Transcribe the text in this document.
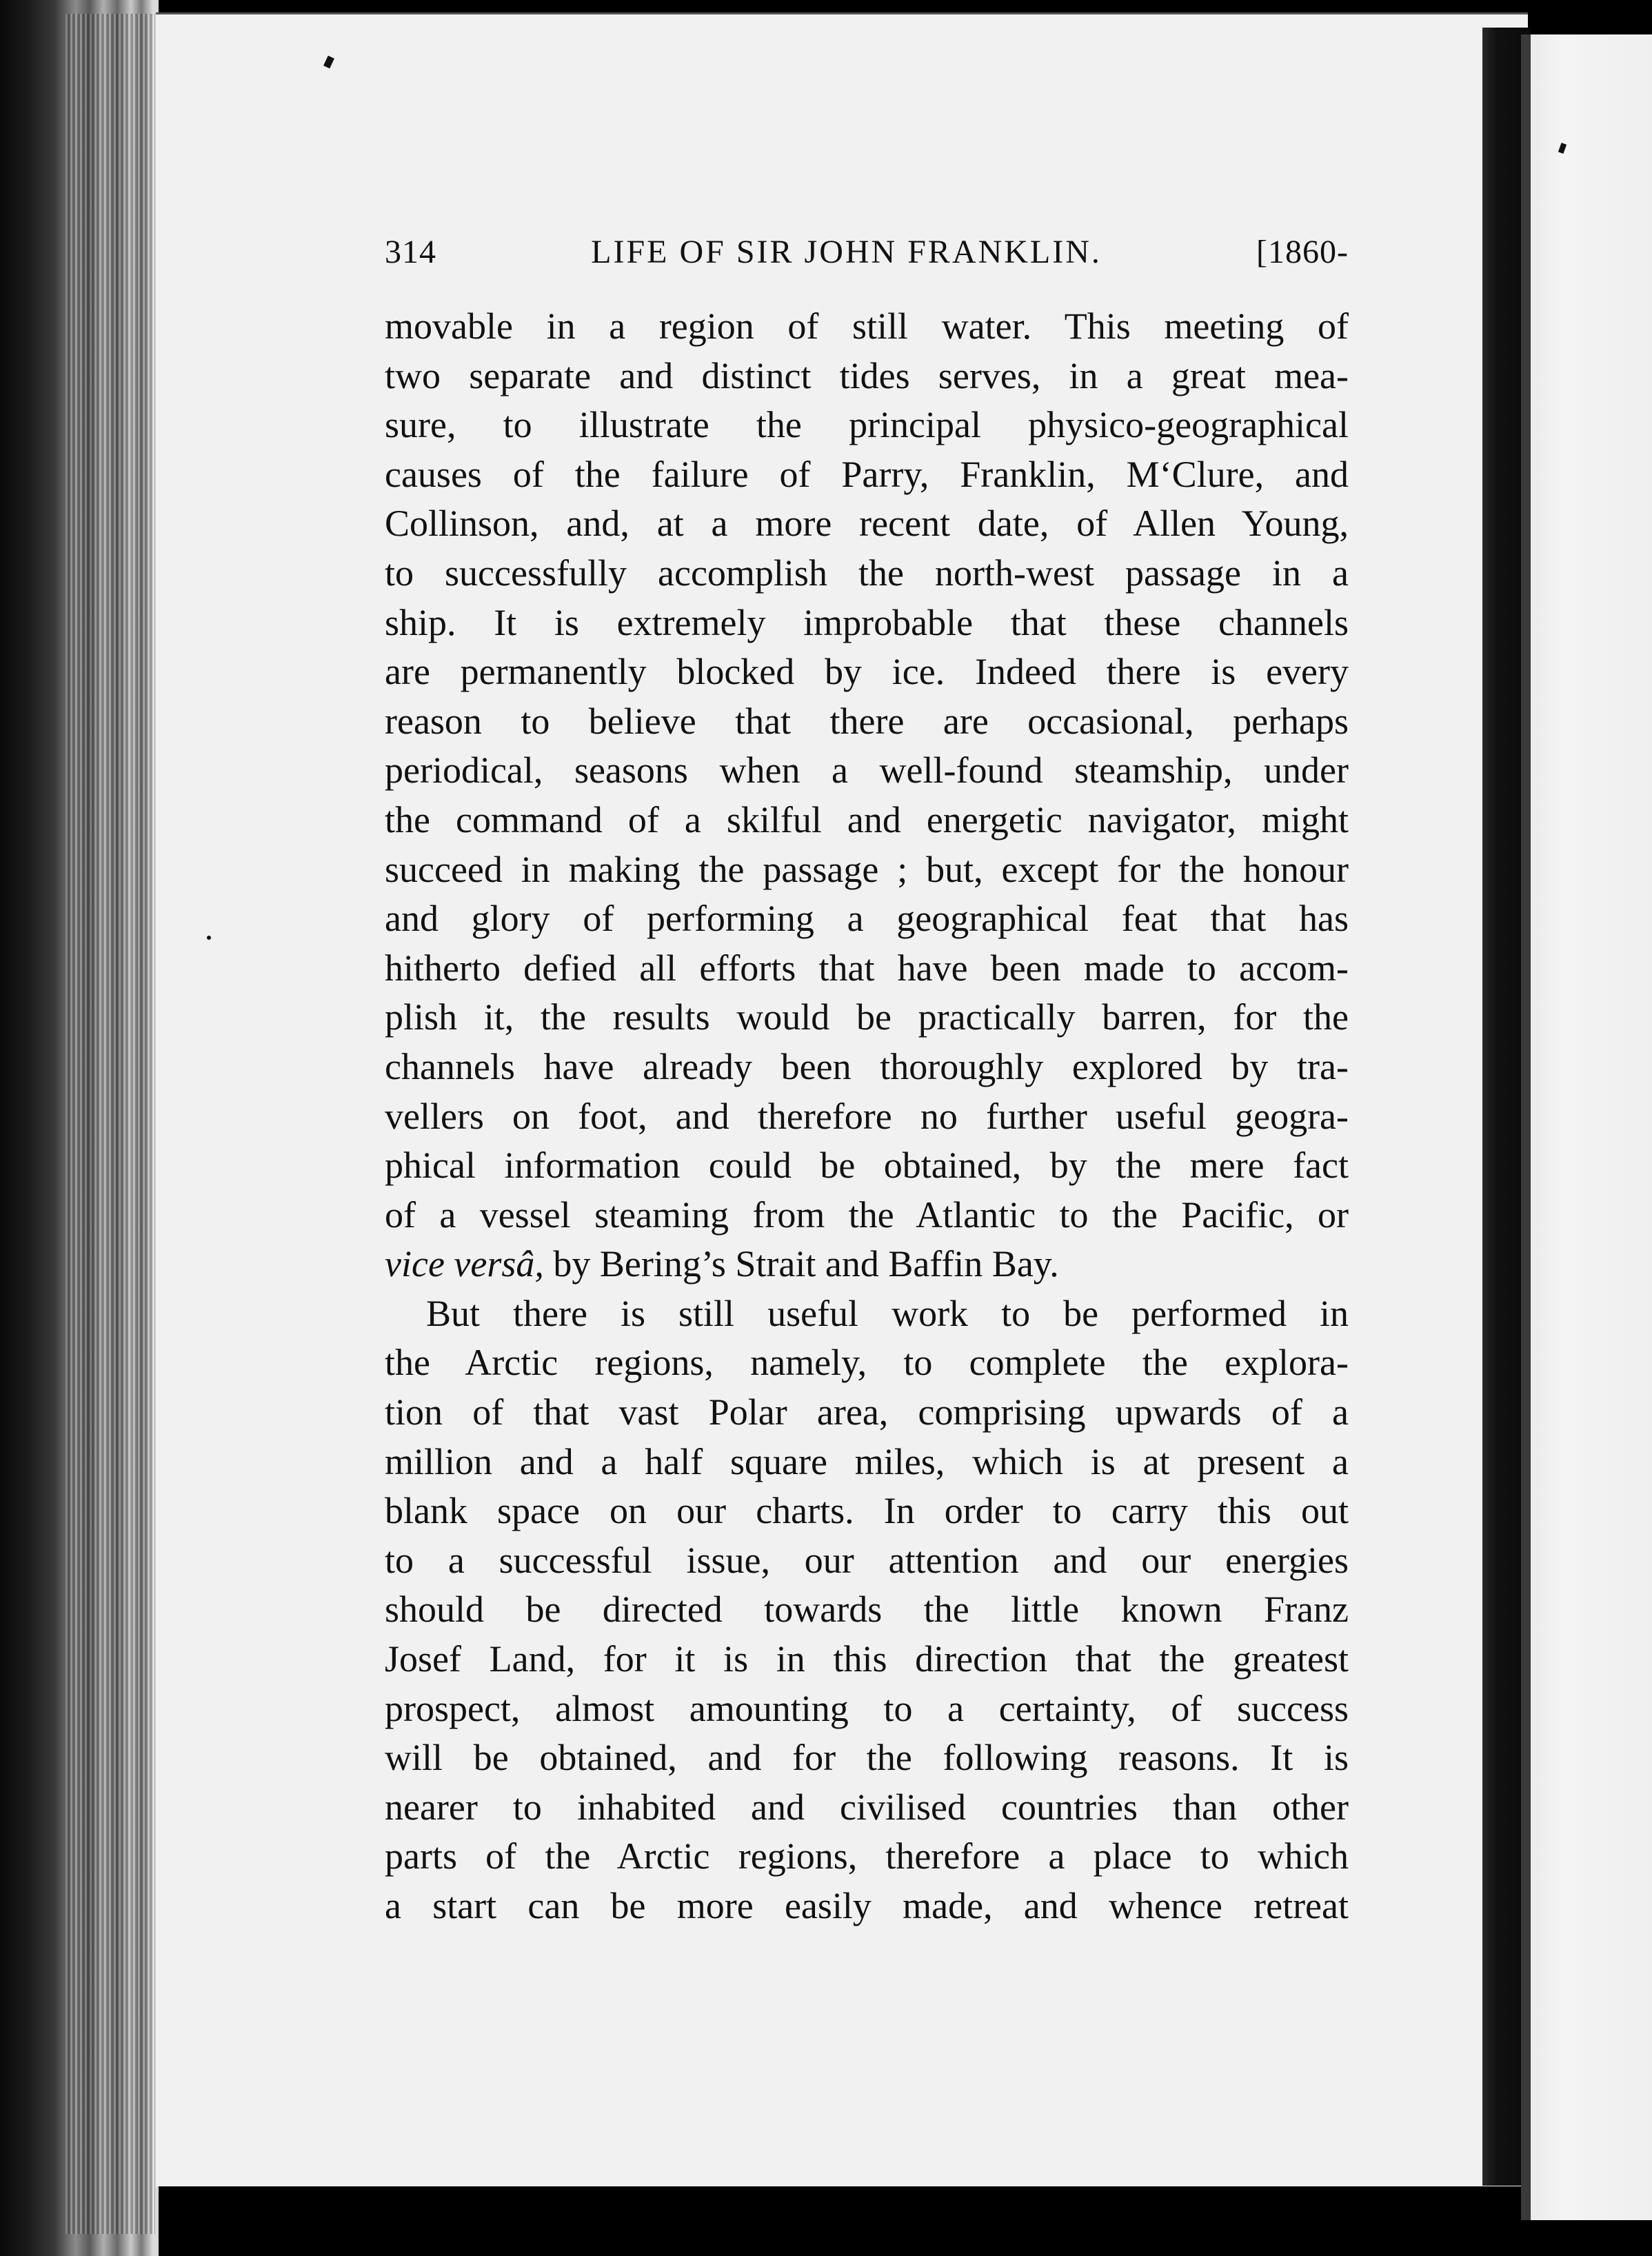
314	LIFE OF SIR JOHN FRANKLIN.	[1860-
movable in a region of still water. This meeting of
two separate and distinct tides serves, in a great mea-
sure, to illustrate the principal physico-geographical
causes of the failure of Parry, Franklin, M‘Clure, and
Collinson, and, at a more recent date, of Allen Young,
to successfully accomplish the north-west passage in a
ship. It is extremely improbable that these channels
are permanently blocked by ice. Indeed there is every
reason to believe that there are occasional, perhaps
periodical, seasons when a well-found steamship, under
the command of a skilful and energetic navigator, might
succeed in making the passage ; but, except for the honour
and glory of performing a geographical feat that has
hitherto defied all efforts that have been made to accom-
plish it, the results would be practically barren, for the
channels have already been thoroughly explored by tra-
vellers on foot, and therefore no further useful geogra-
phical information could be obtained, by the mere fact
of a vessel steaming from the Atlantic to the Pacific, or
vice versâ, by Bering’s Strait and Baffin Bay.
But there is still useful work to be performed in
the Arctic regions, namely, to complete the explora-
tion of that vast Polar area, comprising upwards of a
million and a half square miles, which is at present a
blank space on our charts. In order to carry this out
to a successful issue, our attention and our energies
should be directed towards the little known Franz
Josef Land, for it is in this direction that the greatest
prospect, almost amounting to a certainty, of success
will be obtained, and for the following reasons. It is
nearer to inhabited and civilised countries than other
parts of the Arctic regions, therefore a place to which
a start can be more easily made, and whence retreat
